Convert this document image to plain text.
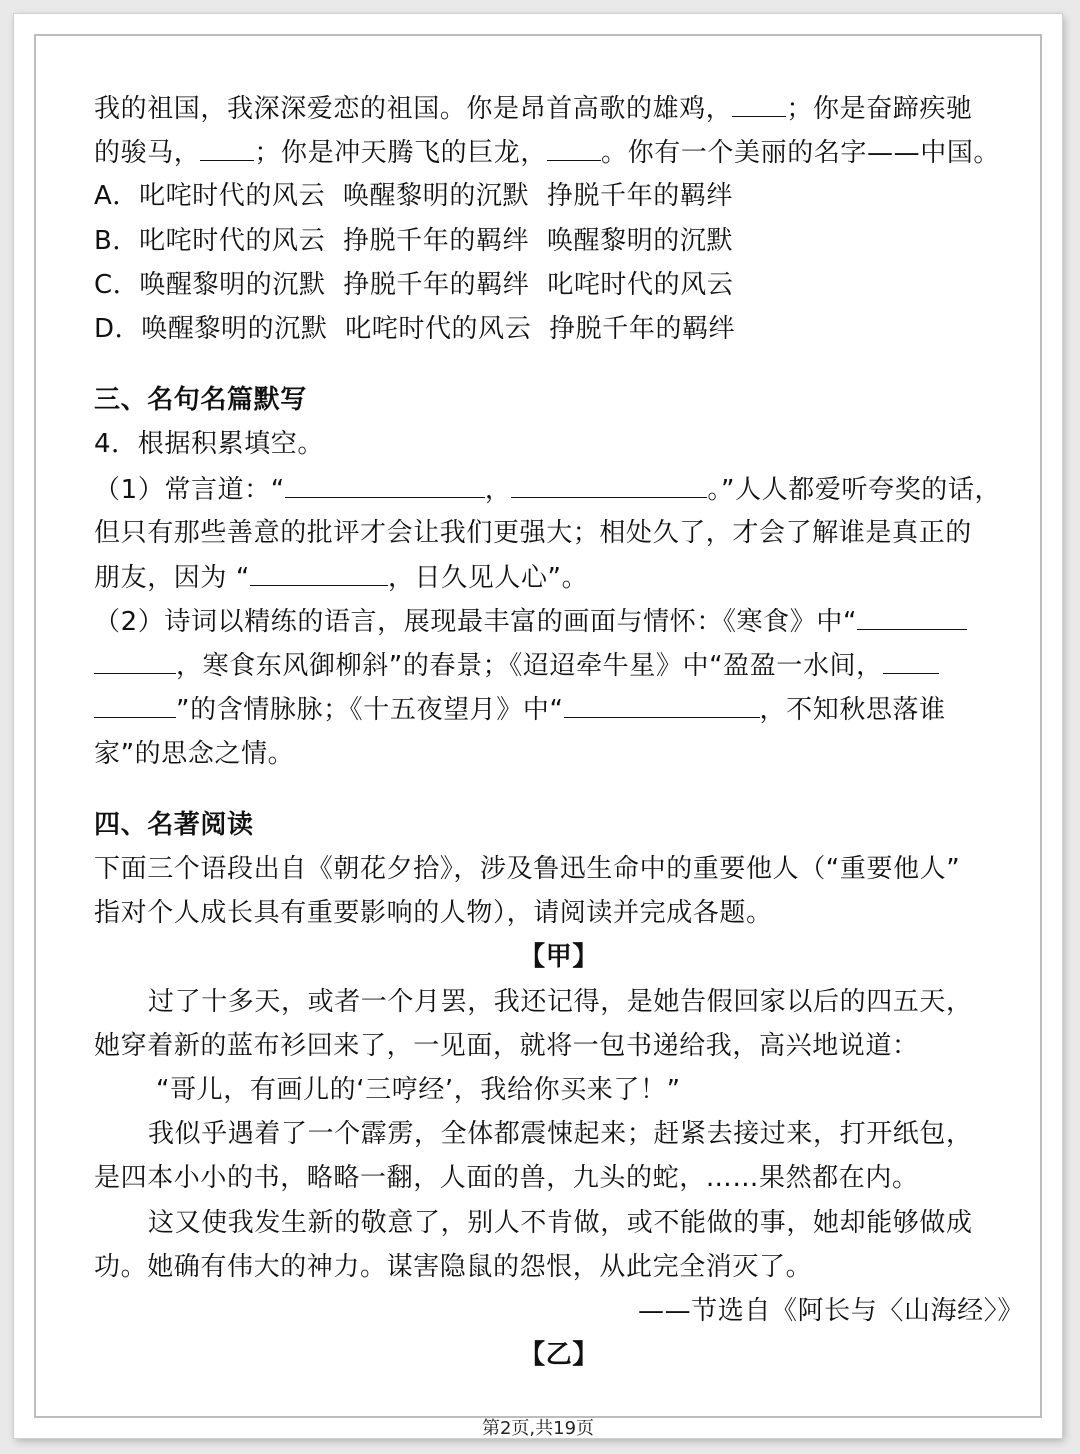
我的祖国，我深深爱恋的祖国。你是昂首高歌的雄鸡， ；你是奋蹄疾驰
的骏马， ；你是冲天腾飞的巨龙， 。你有一个美丽的名字——中国。
A．叱咤时代的风云  唤醒黎明的沉默  挣脱千年的羁绊
B．叱咤时代的风云  挣脱千年的羁绊  唤醒黎明的沉默
C．唤醒黎明的沉默  挣脱千年的羁绊  叱咤时代的风云
D．唤醒黎明的沉默  叱咤时代的风云  挣脱千年的羁绊
三、名句名篇默写
4．根据积累填空。
（1）常言道：“	，	。”人人都爱听夸奖的话，
但只有那些善意的批评才会让我们更强大；相处久了，才会了解谁是真正的
朋友，因为 “	，日久见人心”。
（2）诗词以精练的语言，展现最丰富的画面与情怀：《寒食》中“
，寒食东风御柳斜”的春景；《迢迢牵牛星》中“盈盈一水间，
”的含情脉脉；《十五夜望月》中“	，不知秋思落谁
家”的思念之情。
四、名著阅读
下面三个语段出自《朝花夕拾》，涉及鲁迅生命中的重要他人（“重要他人”
指对个人成长具有重要影响的人物），请阅读并完成各题。
【甲】
过了十多天，或者一个月罢，我还记得，是她告假回家以后的四五天，
她穿着新的蓝布衫回来了，一见面，就将一包书递给我，高兴地说道：
“哥儿，有画儿的‘三哼经’，我给你买来了！”
我似乎遇着了一个霹雳，全体都震悚起来；赶紧去接过来，打开纸包，
是四本小小的书，略略一翻，人面的兽，九头的蛇，……果然都在内。
这又使我发生新的敬意了，别人不肯做，或不能做的事，她却能够做成
功。她确有伟大的神力。谋害隐鼠的怨恨，从此完全消灭了。
——节选自《阿长与〈山海经〉》
【乙】
第2页,共19页
